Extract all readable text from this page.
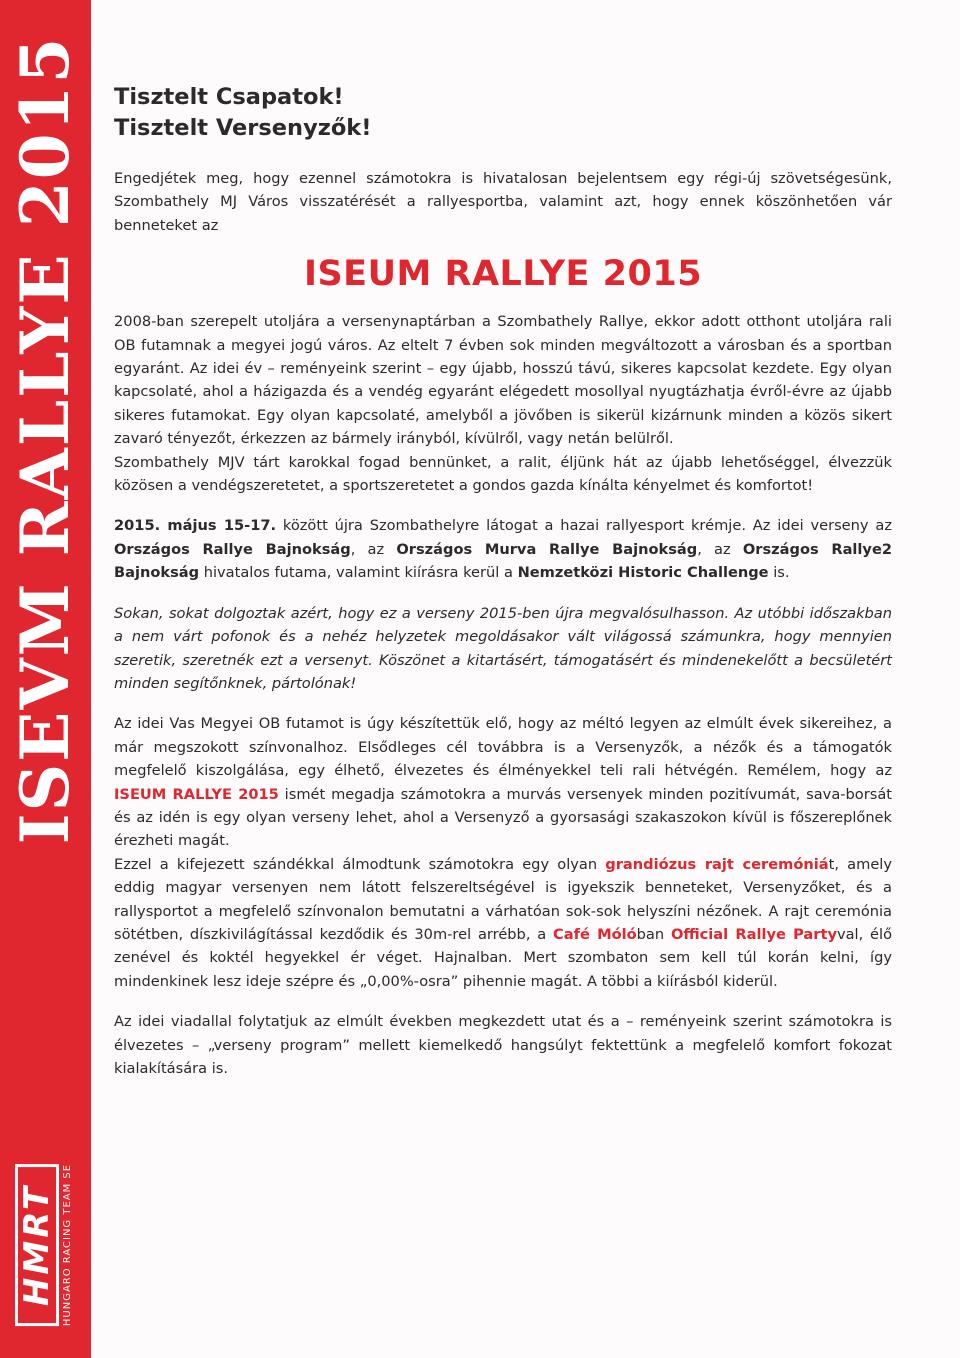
ISEVM RALLYE 2015
HMRT HUNGARO RACING TEAM SE
Tisztelt Csapatok!
Tisztelt Versenyzők!

Engedjétek meg, hogy ezennel számotokra is hivatalosan bejelentsem egy régi-új szövetségesünk, Szombathely MJ Város visszatérését a rallyesportba, valamint azt, hogy ennek köszönhetően vár benneteket az

ISEUM RALLYE 2015

2008-ban szerepelt utoljára a versenynaptárban a Szombathely Rallye, ekkor adott otthont utoljára rali OB futamnak a megyei jogú város. Az eltelt 7 évben sok minden megváltozott a városban és a sportban egyaránt. Az idei év – reményeink szerint – egy újabb, hosszú távú, sikeres kapcsolat kezdete. Egy olyan kapcsolaté, ahol a házigazda és a vendég egyaránt elégedett mosollyal nyugtázhatja évről-évre az újabb sikeres futamokat. Egy olyan kapcsolaté, amelyből a jövőben is sikerül kizárnunk minden a közös sikert zavaró tényezőt, érkezzen az bármely irányból, kívülről, vagy netán belülről.

Szombathely MJV tárt karokkal fogad bennünket, a ralit, éljünk hát az újabb lehetőséggel, élvezzük közösen a vendégszeretetet, a sportszeretetet a gondos gazda kínálta kényelmet és komfortot!

2015. május 15-17. között újra Szombathelyre látogat a hazai rallyesport krémje. Az idei verseny az Országos Rallye Bajnokság, az Országos Murva Rallye Bajnokság, az Országos Rallye2 Bajnokság hivatalos futama, valamint kiírásra kerül a Nemzetközi Historic Challenge is.

Sokan, sokat dolgoztak azért, hogy ez a verseny 2015-ben újra megvalósulhasson. Az utóbbi időszakban a nem várt pofonok és a nehéz helyzetek megoldásakor vált világossá számunkra, hogy mennyien szeretik, szeretnék ezt a versenyt. Köszönet a kitartásért, támogatásért és mindenekelőtt a becsületért minden segítőnknek, pártolónak!

Az idei Vas Megyei OB futamot is úgy készítettük elő, hogy az méltó legyen az elmúlt évek sikereihez, a már megszokott színvonalhoz. Elsődleges cél továbbra is a Versenyzők, a nézők és a támogatók megfelelő kiszolgálása, egy élhető, élvezetes és élményekkel teli rali hétvégén. Remélem, hogy az ISEUM RALLYE 2015 ismét megadja számotokra a murvás versenyek minden pozitívumát, sava-borsát és az idén is egy olyan verseny lehet, ahol a Versenyző a gyorsasági szakaszokon kívül is főszereplőnek érezheti magát.

Ezzel a kifejezett szándékkal álmodtunk számotokra egy olyan grandiózus rajt ceremóniát, amely eddig magyar versenyen nem látott felszereltségével is igyekszik benneteket, Versenyzőket, és a rallysportot a megfelelő színvonalon bemutatni a várhatóan sok-sok helyszíni nézőnek. A rajt ceremónia sötétben, díszkivilágítással kezdődik és 30m-rel arrébb, a Café Mólóban Official Rallye Partyval, élő zenével és koktél hegyekkel ér véget. Hajnalban. Mert szombaton sem kell túl korán kelni, így mindenkinek lesz ideje szépre és „0,00%-osra” pihennie magát. A többi a kiírásból kiderül.

Az idei viadallal folytatjuk az elmúlt években megkezdett utat és a – reményeink szerint számotokra is élvezetes – „verseny program” mellett kiemelkedő hangsúlyt fektettünk a megfelelő komfort fokozat kialakítására is.
